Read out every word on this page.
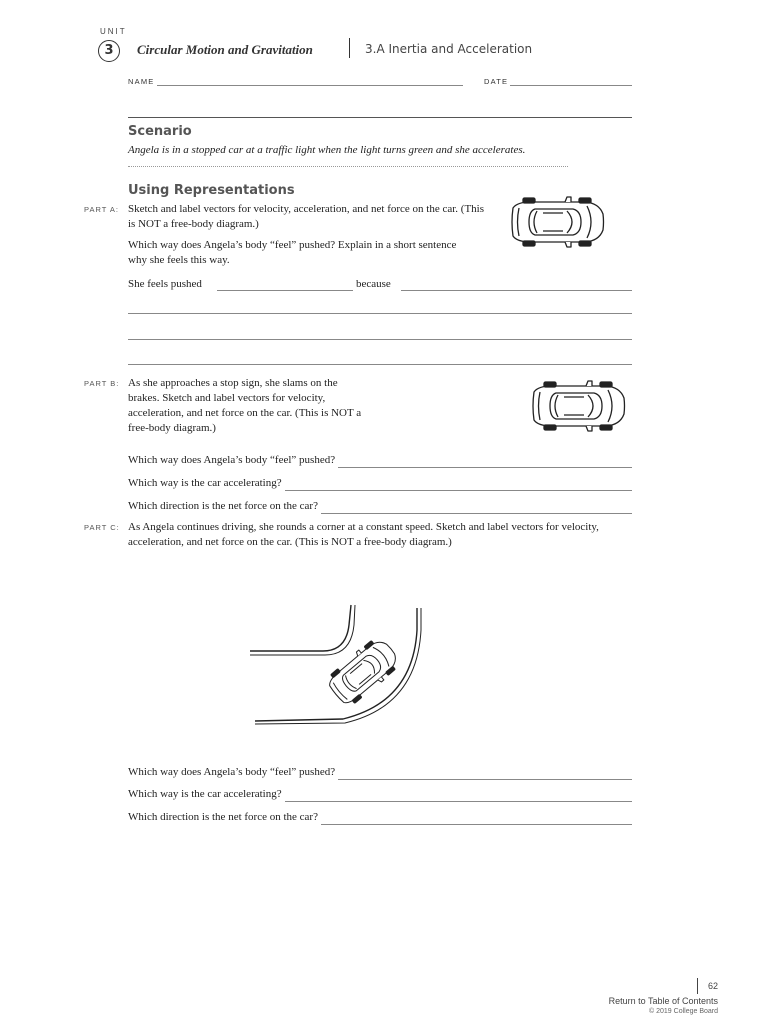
UNIT
3	Circular Motion and Gravitation	3.A Inertia and Acceleration
NAME	DATE
Scenario
Angela is in a stopped car at a traffic light when the light turns green and she accelerates.
Using Representations
PART A: Sketch and label vectors for velocity, acceleration, and net force on the car. (This is NOT a free-body diagram.)
Which way does Angela’s body “feel” pushed? Explain in a short sentence why she feels this way.
She feels pushed	because
PART B: As she approaches a stop sign, she slams on the brakes. Sketch and label vectors for velocity, acceleration, and net force on the car. (This is NOT a free-body diagram.)
Which way does Angela’s body “feel” pushed?
Which way is the car accelerating?
Which direction is the net force on the car?
PART C: As Angela continues driving, she rounds a corner at a constant speed. Sketch and label vectors for velocity, acceleration, and net force on the car. (This is NOT a free-body diagram.)
Which way does Angela’s body “feel” pushed?
Which way is the car accelerating?
Which direction is the net force on the car?
62
Return to Table of Contents
© 2019 College Board
